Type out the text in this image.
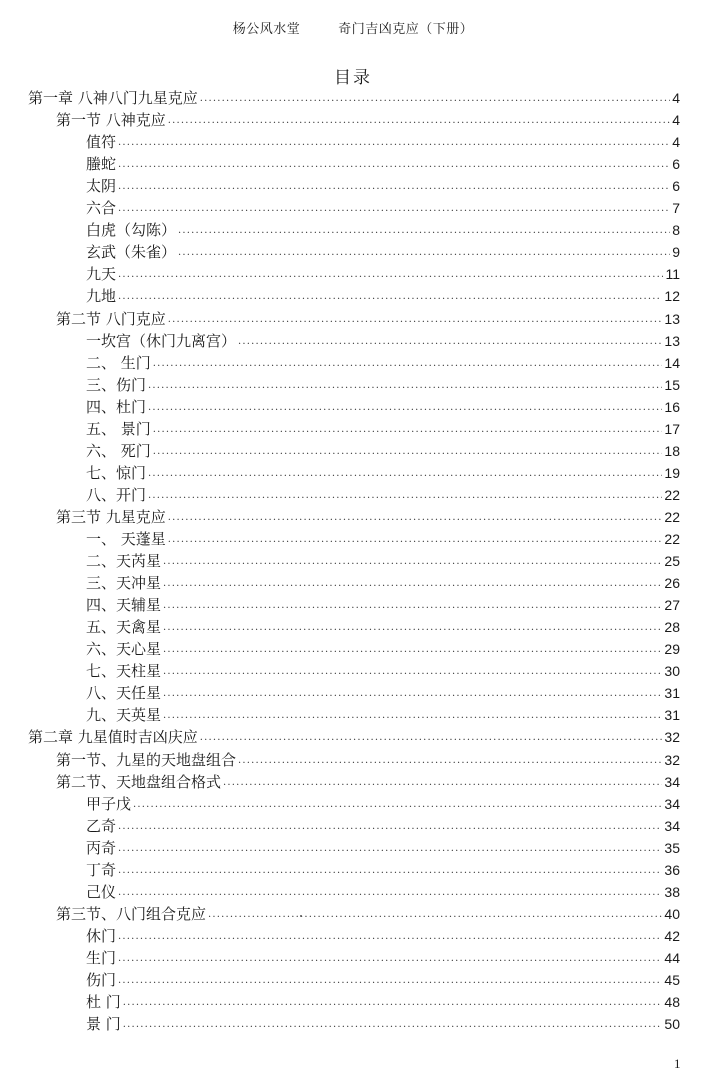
杨公风水堂	奇门吉凶克应（下册）
目录
第一章 八神八门九星克应 .....	4
第一节 八神克应 .....	4
值符 .....	4
螣蛇 .....	6
太阴 .....	6
六合 .....	7
白虎（勾陈） .....	8
玄武（朱雀） .....	9
九天 .....	11
九地 .....	12
第二节 八门克应 .....	13
一坎宫（休门九离宫） .....	13
二、 生门 .....	14
三、伤门 .....	15
四、杜门 .....	16
五、 景门 .....	17
六、 死门 .....	18
七、惊门 .....	19
八、开门 .....	22
第三节 九星克应 .....	22
一、 天蓬星 .....	22
二、天芮星 .....	25
三、天冲星 .....	26
四、天辅星 .....	27
五、天禽星 .....	28
六、天心星 .....	29
七、天柱星 .....	30
八、天任星 .....	31
九、天英星 .....	31
第二章 九星值时吉凶庆应 .....	32
第一节、九星的天地盘组合 .....	32
第二节、天地盘组合格式 .....	34
甲子戊 .....	34
乙奇 .....	34
丙奇 .....	35
丁奇 .....	36
己仪 .....	38
第三节、八门组合克应 .....	40
休门 .....	42
生门 .....	44
伤门 .....	45
杜 门 .....	48
景 门 .....	50
1
